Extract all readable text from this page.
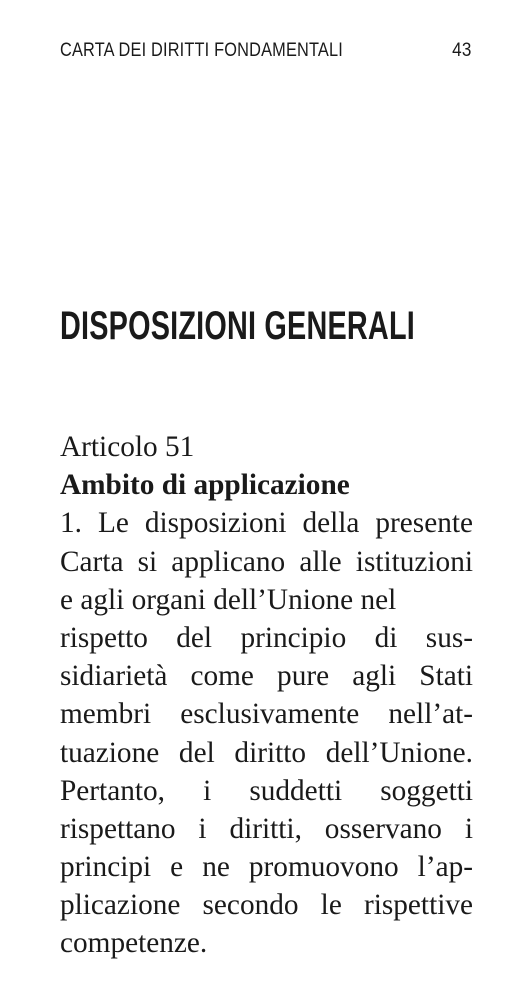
CARTA DEI DIRITTI FONDAMENTALI	43
DISPOSIZIONI GENERALI
Articolo 51
Ambito di applicazione
1. Le disposizioni della presente
Carta si applicano alle istituzioni
e agli organi dell’Unione nel
rispetto del principio di sus-
sidiarietà come pure agli Stati
membri esclusivamente nell’at-
tuazione del diritto dell’Unione.
Pertanto, i suddetti soggetti
rispettano i diritti, osservano i
principi e ne promuovono l’ap-
plicazione secondo le rispettive
competenze.
